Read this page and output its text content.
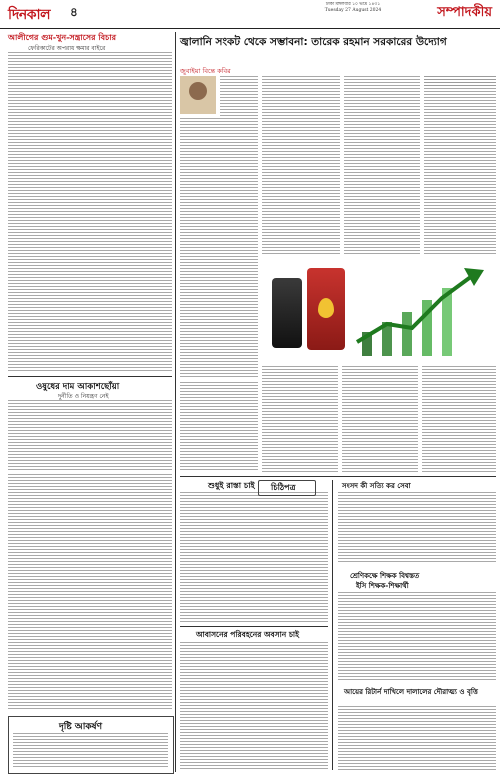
দিনকাল ৪
ঢাকা মঙ্গলবার ১০ ভাদ্র ১৪৩১
Tuesday 27 August 2024	সম্পাদকীয়
আলীগের গুম-খুন-সন্ত্রাসের বিচার
ফেরিকাটের অপরাধ ক্ষমার বাইরে
ওষুধের দাম আকাশছোঁয়া
দুর্নীতি ও নিয়ন্ত্রণ নেই
দৃষ্টি আকর্ষণ
জ্বালানি সংকট থেকে সম্ভাবনা: তারেক রহমান সরকারের উদ্যোগ
জুবাইয়া বিন্তে কবির
শুধুই রাস্তা চাই
আবাসনের পরিবহনের অবসান চাই
চিঠিপত্র	সংসদ কী সত্যি কর সেবা
শ্রেণিকক্ষে শিক্ষক বিশ্বস্তত
ইসি শিক্ষক-শিক্ষার্থী
আয়ের রিটার্ন দাখিলে দালালের দৌরাত্ম্য ও বৃত্তি
